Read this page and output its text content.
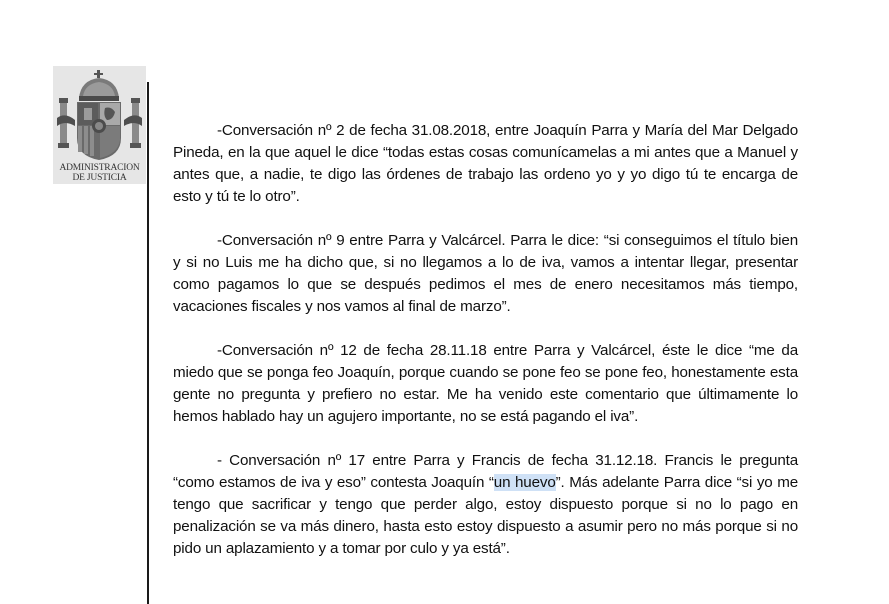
ADMINISTRACION
DE JUSTICIA

-Conversación nº 2 de fecha 31.08.2018, entre Joaquín Parra y María del Mar Delgado Pineda, en la que aquel le dice “todas estas cosas comunícamelas a mi antes que a Manuel y antes que, a nadie, te digo las órdenes de trabajo las ordeno yo y yo digo tú te encarga de esto y tú te lo otro”.

-Conversación nº 9 entre Parra y Valcárcel. Parra le dice: “si conseguimos el título bien y si no Luis me ha dicho que, si no llegamos a lo de iva, vamos a intentar llegar, presentar como pagamos lo que se después pedimos el mes de enero necesitamos más tiempo, vacaciones fiscales y nos vamos al final de marzo”.

-Conversación nº 12 de fecha 28.11.18 entre Parra y Valcárcel, éste le dice “me da miedo que se ponga feo Joaquín, porque cuando se pone feo se pone feo, honestamente esta gente no pregunta y prefiero no estar. Me ha venido este comentario que últimamente lo hemos hablado hay un agujero importante, no se está pagando el iva”.

- Conversación nº 17 entre Parra y Francis de fecha 31.12.18. Francis le pregunta “como estamos de iva y eso” contesta Joaquín “un huevo”. Más adelante Parra dice “si yo me tengo que sacrificar y tengo que perder algo, estoy dispuesto porque si no lo pago en penalización se va más dinero, hasta esto estoy dispuesto a asumir pero no más porque si no pido un aplazamiento y a tomar por culo y ya está”.
